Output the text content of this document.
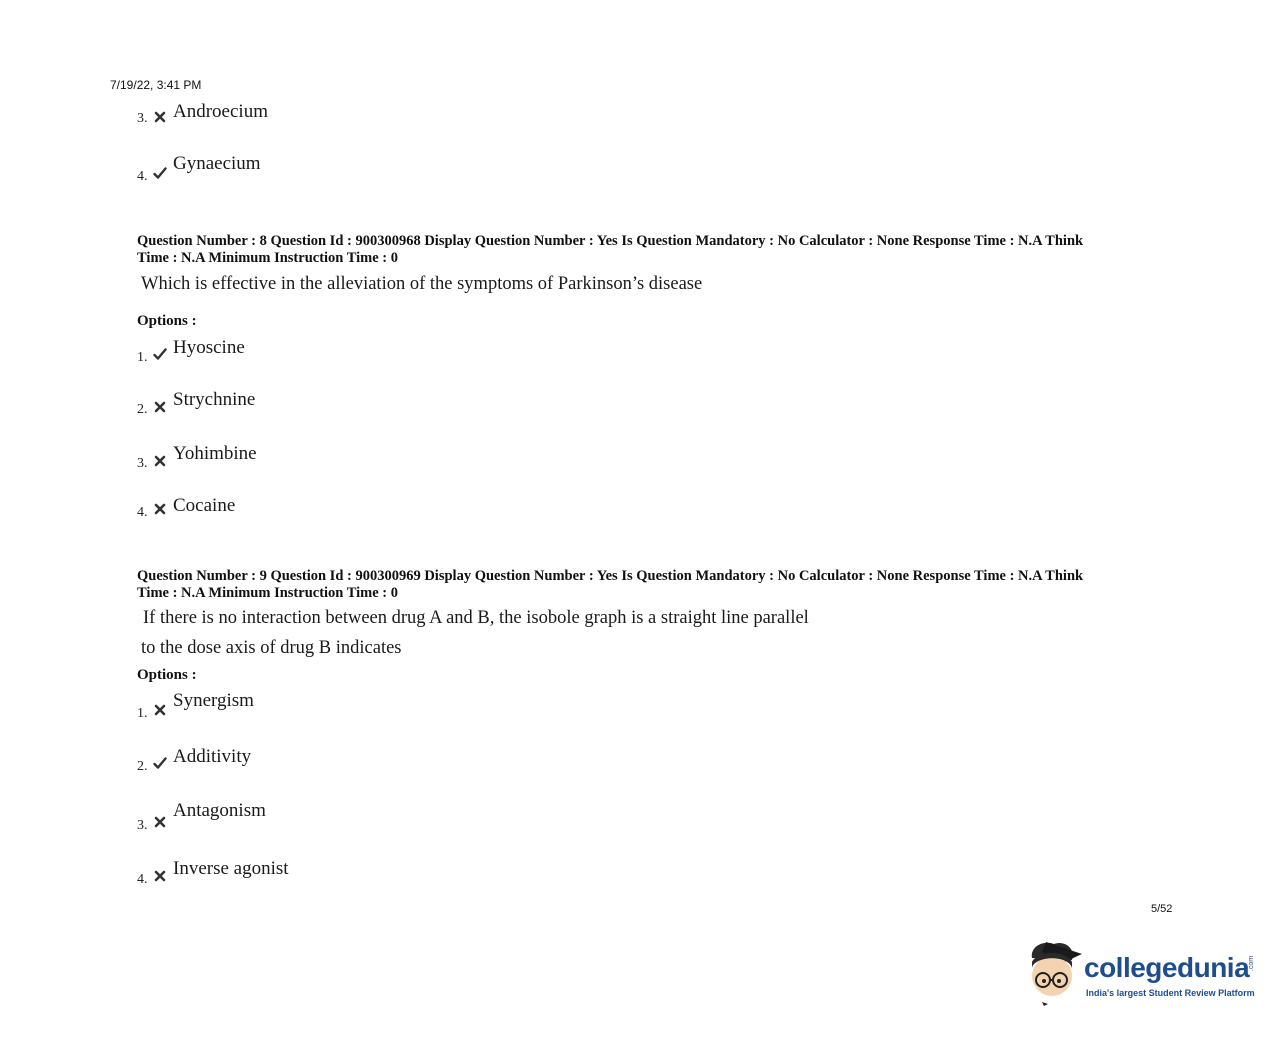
7/19/22, 3:41 PM
3. Androecium
4.
Gynaecium
Question Number : 8 Question Id : 900300968 Display Question Number : Yes Is Question Mandatory : No Calculator : None Response Time : N.A Think
Time : N.A Minimum Instruction Time : 0
Which is effective in the alleviation of the symptoms of Parkinson’s disease
Options :
1. Hyoscine
2. Strychnine
3. Yohimbine
4. Cocaine
Question Number : 9 Question Id : 900300969 Display Question Number : Yes Is Question Mandatory : No Calculator : None Response Time : N.A Think
Time : N.A Minimum Instruction Time : 0
If there is no interaction between drug A and B, the isobole graph is a straight line parallel
to the dose axis of drug B indicates
Options :
1.
Synergism
2. Additivity
3.
Antagonism
4.
Inverse agonist
5/52
collegedunia
.com
India's largest Student Review Platform
